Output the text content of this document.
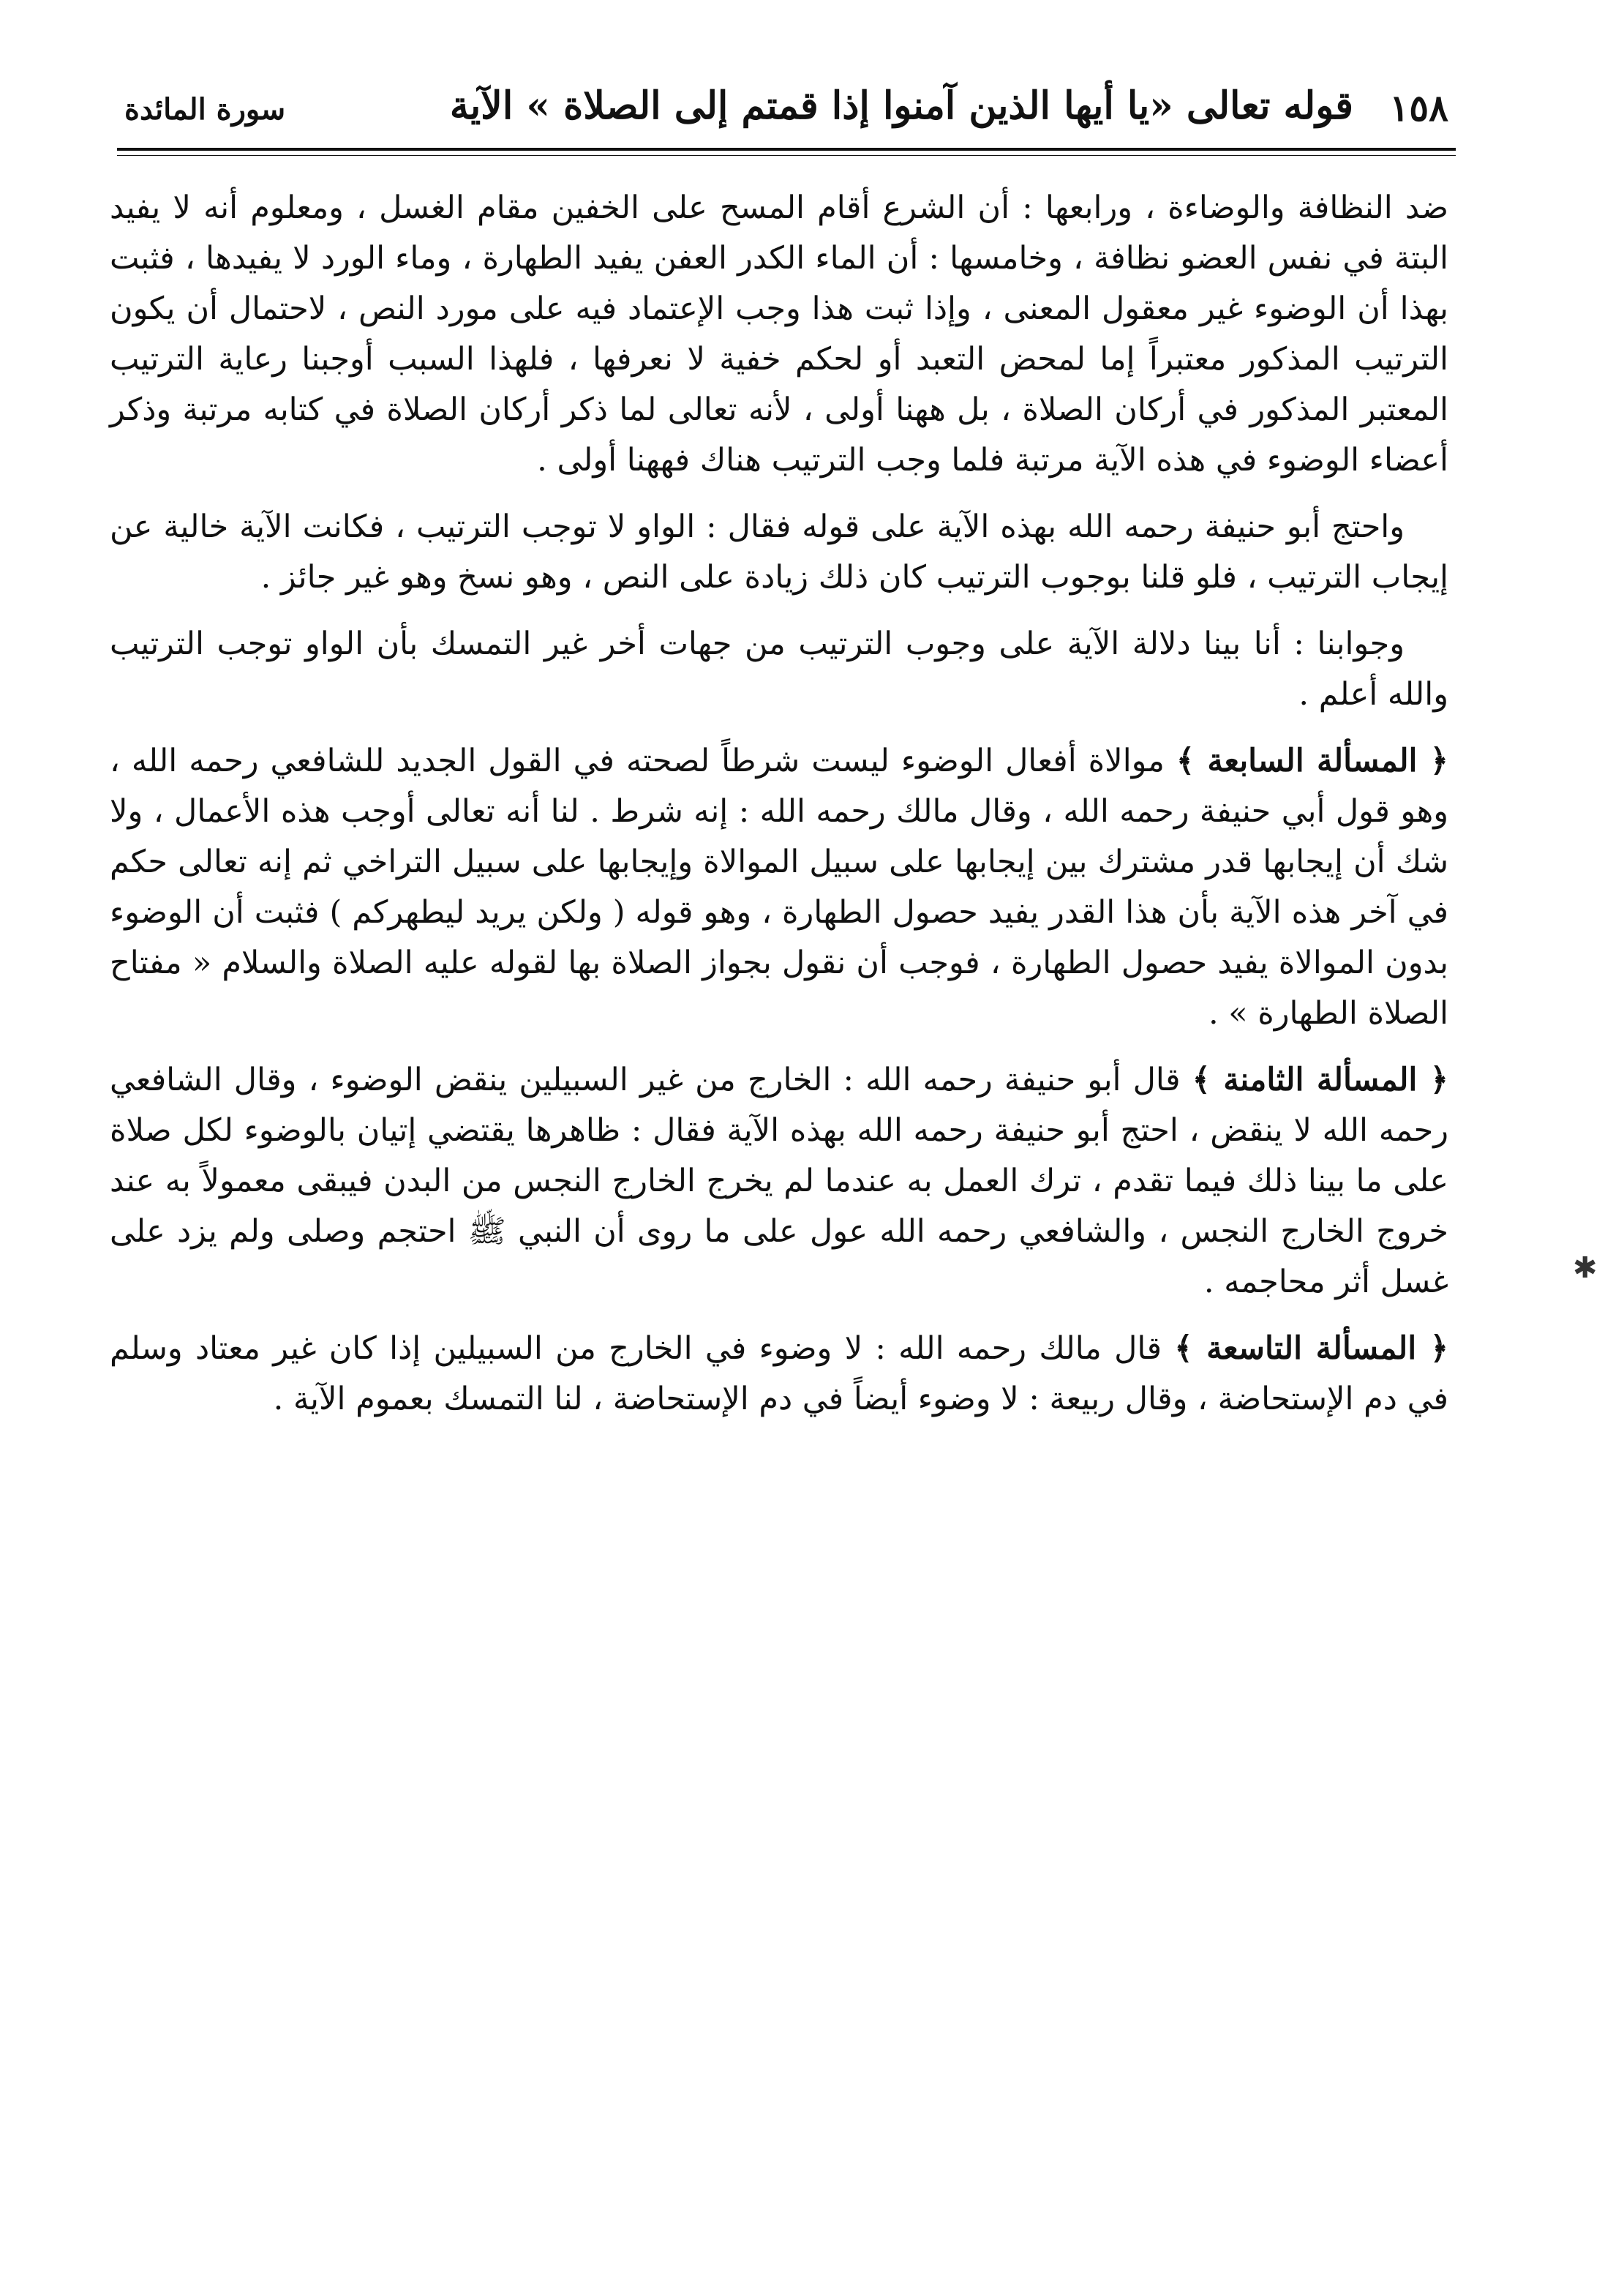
١٥٨
قوله تعالى «يا أيها الذين آمنوا إذا قمتم إلى الصلاة » الآية
سورة المائدة

ضد النظافة والوضاءة ، ورابعها : أن الشرع أقام المسح على الخفين مقام الغسل ، ومعلوم أنه لا يفيد البتة في نفس العضو نظافة ، وخامسها : أن الماء الكدر العفن يفيد الطهارة ، وماء الورد لا يفيدها ، فثبت بهذا أن الوضوء غير معقول المعنى ، وإذا ثبت هذا وجب الإعتماد فيه على مورد النص ، لاحتمال أن يكون الترتيب المذكور معتبراً إما لمحض التعبد أو لحكم خفية لا نعرفها ، فلهذا السبب أوجبنا رعاية الترتيب المعتبر المذكور في أركان الصلاة ، بل ههنا أولى ، لأنه تعالى لما ذكر أركان الصلاة في كتابه مرتبة وذكر أعضاء الوضوء في هذه الآية مرتبة فلما وجب الترتيب هناك فههنا أولى .

واحتج أبو حنيفة رحمه الله بهذه الآية على قوله فقال : الواو لا توجب الترتيب ، فكانت الآية خالية عن إيجاب الترتيب ، فلو قلنا بوجوب الترتيب كان ذلك زيادة على النص ، وهو نسخ وهو غير جائز .

وجوابنا : أنا بينا دلالة الآية على وجوب الترتيب من جهات أخر غير التمسك بأن الواو توجب الترتيب والله أعلم .

﴿ المسألة السابعة ﴾ موالاة أفعال الوضوء ليست شرطاً لصحته في القول الجديد للشافعي رحمه الله ، وهو قول أبي حنيفة رحمه الله ، وقال مالك رحمه الله : إنه شرط . لنا أنه تعالى أوجب هذه الأعمال ، ولا شك أن إيجابها قدر مشترك بين إيجابها على سبيل الموالاة وإيجابها على سبيل التراخي ثم إنه تعالى حكم في آخر هذه الآية بأن هذا القدر يفيد حصول الطهارة ، وهو قوله ( ولكن يريد ليطهركم ) فثبت أن الوضوء بدون الموالاة يفيد حصول الطهارة ، فوجب أن نقول بجواز الصلاة بها لقوله عليه الصلاة والسلام « مفتاح الصلاة الطهارة » .

﴿ المسألة الثامنة ﴾ قال أبو حنيفة رحمه الله : الخارج من غير السبيلين ينقض الوضوء ، وقال الشافعي رحمه الله لا ينقض ، احتج أبو حنيفة رحمه الله بهذه الآية فقال : ظاهرها يقتضي إتيان بالوضوء لكل صلاة على ما بينا ذلك فيما تقدم ، ترك العمل به عندما لم يخرج الخارج النجس من البدن فيبقى معمولاً به عند خروج الخارج النجس ، والشافعي رحمه الله عول على ما روى أن النبي ﷺ احتجم وصلى ولم يزد على غسل أثر محاجمه .

﴿ المسألة التاسعة ﴾ قال مالك رحمه الله : لا وضوء في الخارج من السبيلين إذا كان غير معتاد وسلم في دم الإستحاضة ، وقال ربيعة : لا وضوء أيضاً في دم الإستحاضة ، لنا التمسك بعموم الآية .

✱
